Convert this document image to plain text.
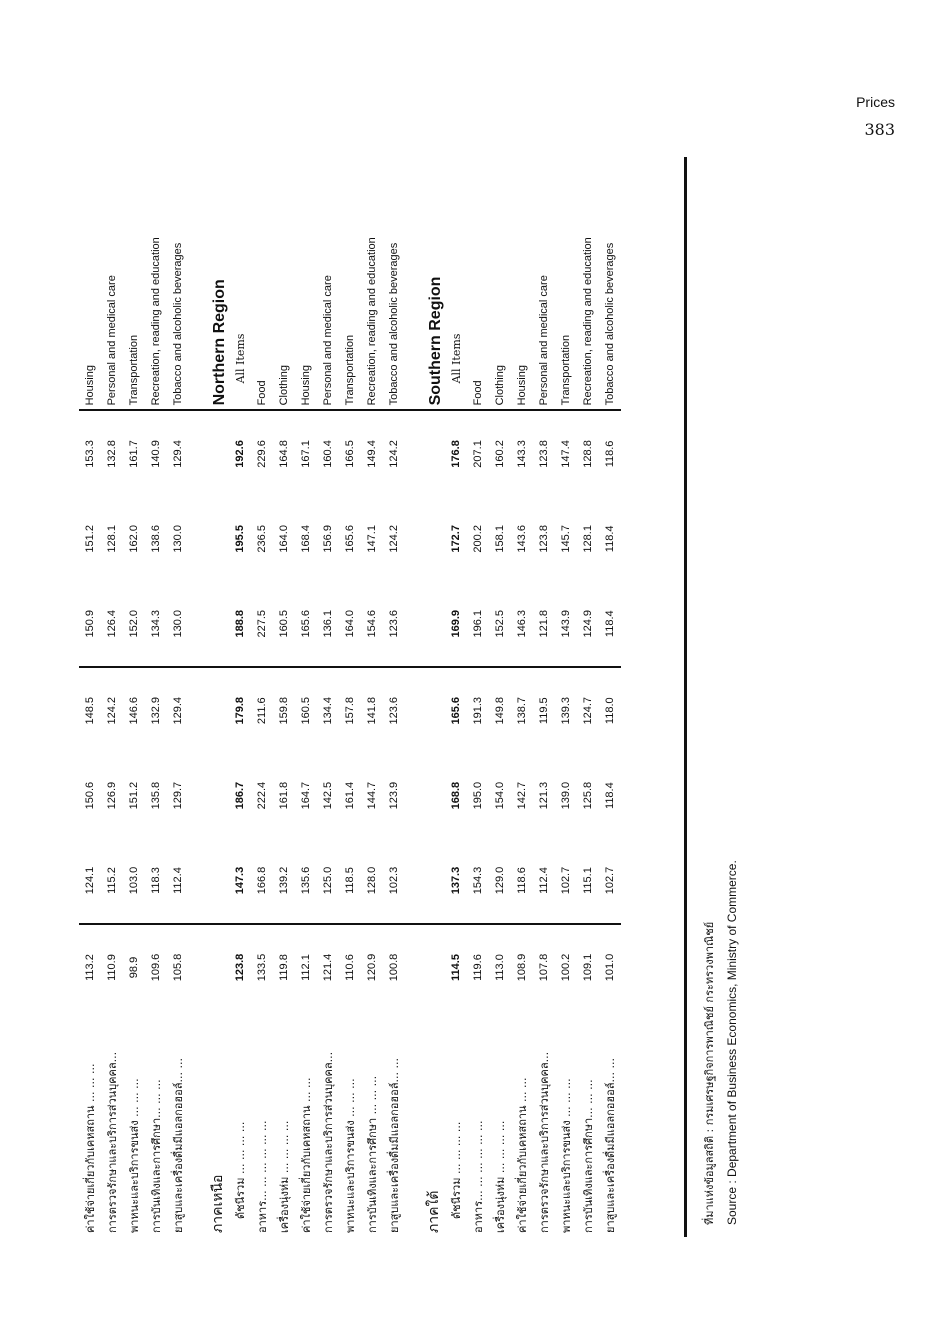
Prices
383
ค่าใช้จ่ายเกี่ยวกับเคหสถาน ... ... ...	113.2	124.1	150.6	148.5	150.9	151.2	153.3	Housing
การตรวจรักษาและบริการส่วนบุคคล...	110.9	115.2	126.9	124.2	126.4	128.1	132.8	Personal and medical care
พาหนะและบริการขนส่ง ... ... ...	98.9	103.0	151.2	146.6	152.0	162.0	161.7	Transportation
การบันเทิงและการศึกษา... ... ...	109.6	118.3	135.8	132.9	134.3	138.6	140.9	Recreation, reading and education
ยาสูบและเครื่องดื่มมีแอลกอฮอล์... ...	105.8	112.4	129.7	129.4	130.0	130.0	129.4	Tobacco and alcoholic beverages
ภาคเหนือ								Northern Region
ดัชนีรวม ... ... ... ...	123.8	147.3	186.7	179.8	188.8	195.5	192.6	All Items
อาหาร... ... ... ... ... ...	133.5	166.8	222.4	211.6	227.5	236.5	229.6	Food
เครื่องนุ่งห่ม ... ... ... ...	119.8	139.2	161.8	159.8	160.5	164.0	164.8	Clothing
ค่าใช้จ่ายเกี่ยวกับเคหสถาน ... ...	112.1	135.6	164.7	160.5	165.6	168.4	167.1	Housing
การตรวจรักษาและบริการส่วนบุคคล...	121.4	125.0	142.5	134.4	136.1	156.9	160.4	Personal and medical care
พาหนะและบริการขนส่ง ... ... ...	110.6	118.5	161.4	157.8	164.0	165.6	166.5	Transportation
การบันเทิงและการศึกษา ... ... ...	120.9	128.0	144.7	141.8	154.6	147.1	149.4	Recreation, reading and education
ยาสูบและเครื่องดื่มมีแอลกอฮอล์... ...	100.8	102.3	123.9	123.6	123.6	124.2	124.2	Tobacco and alcoholic beverages
ภาคใต้								Southern Region
ดัชนีรวม ... ... ... ...	114.5	137.3	168.8	165.6	169.9	172.7	176.8	All Items
อาหาร... ... ... ... ... ...	119.6	154.3	195.0	191.3	196.1	200.2	207.1	Food
เครื่องนุ่งห่ม ... ... ... ...	113.0	129.0	154.0	149.8	152.5	158.1	160.2	Clothing
ค่าใช้จ่ายเกี่ยวกับเคหสถาน ... ...	108.9	118.6	142.7	138.7	146.3	143.6	143.3	Housing
การตรวจรักษาและบริการส่วนบุคคล...	107.8	112.4	121.3	119.5	121.8	123.8	123.8	Personal and medical care
พาหนะและบริการขนส่ง ... ... ...	100.2	102.7	139.0	139.3	143.9	145.7	147.4	Transportation
การบันเทิงและการศึกษา... ... ...	109.1	115.1	125.8	124.7	124.9	128.1	128.8	Recreation, reading and education
ยาสูบและเครื่องดื่มมีแอลกอฮอล์... ...	101.0	102.7	118.4	118.0	118.4	118.4	118.6	Tobacco and alcoholic beverages
ที่มาแห่งข้อมูลสถิติ : กรมเศรษฐกิจการพาณิชย์ กระทรวงพาณิชย์ Source : Department of Business Economics, Ministry of Commerce.
